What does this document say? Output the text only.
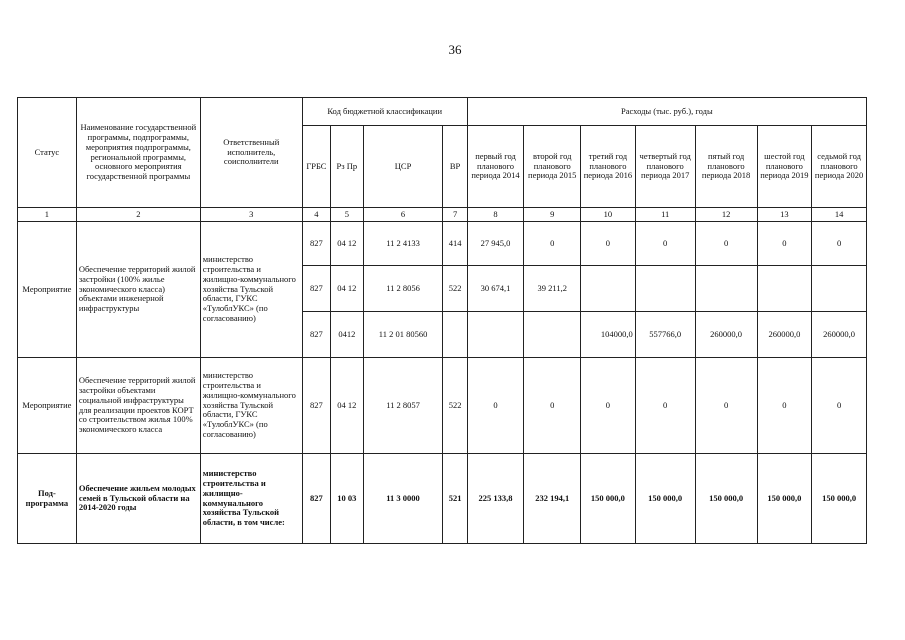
36
Статус	Наименование государственной программы, подпрограммы, мероприятия подпрограммы, региональной программы, основного мероприятия государственной программы	Ответственный исполнитель, соисполнители	Код бюджетной классификации				Расходы (тыс. руб.), годы						
			ГРБС	Рз Пр	ЦСР	ВР	первый год планового периода 2014	второй год планового периода 2015	третий год планового периода 2016	четвертый год планового периода 2017	пятый год планового периода 2018	шестой год планового периода 2019	седьмой год планового периода 2020
1	2	3	4	5	6	7	8	9	10	11	12	13	14
Мероприятие	Обеспечение территорий жилой застройки (100% жилье экономического класса) объектами инженерной инфраструктуры	министерство строительства и жилищно-коммунального хозяйства Тульской области, ГУКС «ТулоблУКС» (по согласованию)	827	04 12	11 2 4133	414	27 945,0	0	0	0	0	0	0
			827	04 12	11 2 8056	522	30 674,1	39 211,2					
			827	0412	11 2 01 80560				104000,0	557766,0	260000,0	260000,0	260000,0
Мероприятие	Обеспечение территорий жилой застройки объектами социальной инфраструктуры для реализации проектов КОРТ со строительством жилья 100% экономического класса	министерство строительства и жилищно-коммунального хозяйства Тульской области, ГУКС «ТулоблУКС» (по согласованию)	827	04 12	11 2 8057	522	0	0	0	0	0	0	0
Под-программа	Обеспечение жильем молодых семей в Тульской области на 2014-2020 годы	министерство строительства и жилищно-коммунального хозяйства Тульской области, в том числе:	827	10 03	11 3 0000	521	225 133,8	232 194,1	150 000,0	150 000,0	150 000,0	150 000,0	150 000,0
